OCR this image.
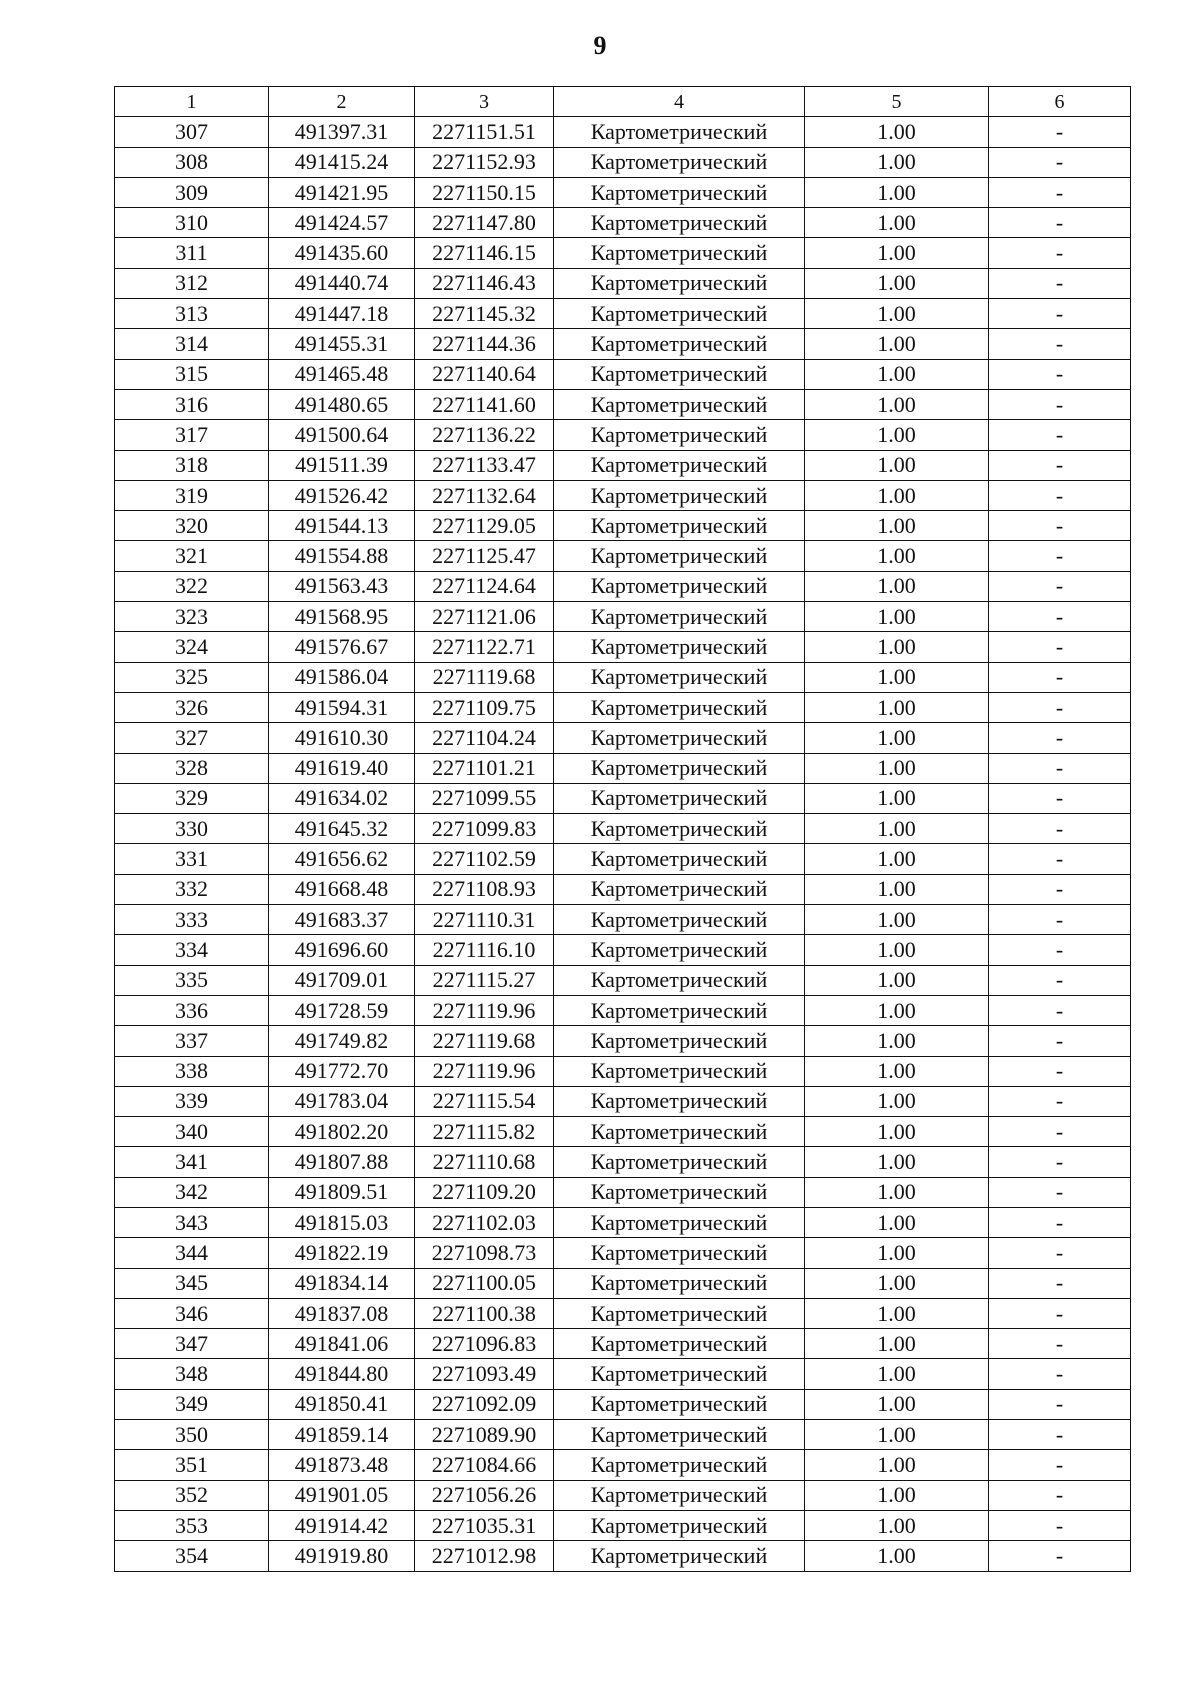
9
1	2	3	4	5	6
307	491397.31	2271151.51	Картометрический	1.00	-
308	491415.24	2271152.93	Картометрический	1.00	-
309	491421.95	2271150.15	Картометрический	1.00	-
310	491424.57	2271147.80	Картометрический	1.00	-
311	491435.60	2271146.15	Картометрический	1.00	-
312	491440.74	2271146.43	Картометрический	1.00	-
313	491447.18	2271145.32	Картометрический	1.00	-
314	491455.31	2271144.36	Картометрический	1.00	-
315	491465.48	2271140.64	Картометрический	1.00	-
316	491480.65	2271141.60	Картометрический	1.00	-
317	491500.64	2271136.22	Картометрический	1.00	-
318	491511.39	2271133.47	Картометрический	1.00	-
319	491526.42	2271132.64	Картометрический	1.00	-
320	491544.13	2271129.05	Картометрический	1.00	-
321	491554.88	2271125.47	Картометрический	1.00	-
322	491563.43	2271124.64	Картометрический	1.00	-
323	491568.95	2271121.06	Картометрический	1.00	-
324	491576.67	2271122.71	Картометрический	1.00	-
325	491586.04	2271119.68	Картометрический	1.00	-
326	491594.31	2271109.75	Картометрический	1.00	-
327	491610.30	2271104.24	Картометрический	1.00	-
328	491619.40	2271101.21	Картометрический	1.00	-
329	491634.02	2271099.55	Картометрический	1.00	-
330	491645.32	2271099.83	Картометрический	1.00	-
331	491656.62	2271102.59	Картометрический	1.00	-
332	491668.48	2271108.93	Картометрический	1.00	-
333	491683.37	2271110.31	Картометрический	1.00	-
334	491696.60	2271116.10	Картометрический	1.00	-
335	491709.01	2271115.27	Картометрический	1.00	-
336	491728.59	2271119.96	Картометрический	1.00	-
337	491749.82	2271119.68	Картометрический	1.00	-
338	491772.70	2271119.96	Картометрический	1.00	-
339	491783.04	2271115.54	Картометрический	1.00	-
340	491802.20	2271115.82	Картометрический	1.00	-
341	491807.88	2271110.68	Картометрический	1.00	-
342	491809.51	2271109.20	Картометрический	1.00	-
343	491815.03	2271102.03	Картометрический	1.00	-
344	491822.19	2271098.73	Картометрический	1.00	-
345	491834.14	2271100.05	Картометрический	1.00	-
346	491837.08	2271100.38	Картометрический	1.00	-
347	491841.06	2271096.83	Картометрический	1.00	-
348	491844.80	2271093.49	Картометрический	1.00	-
349	491850.41	2271092.09	Картометрический	1.00	-
350	491859.14	2271089.90	Картометрический	1.00	-
351	491873.48	2271084.66	Картометрический	1.00	-
352	491901.05	2271056.26	Картометрический	1.00	-
353	491914.42	2271035.31	Картометрический	1.00	-
354	491919.80	2271012.98	Картометрический	1.00	-
